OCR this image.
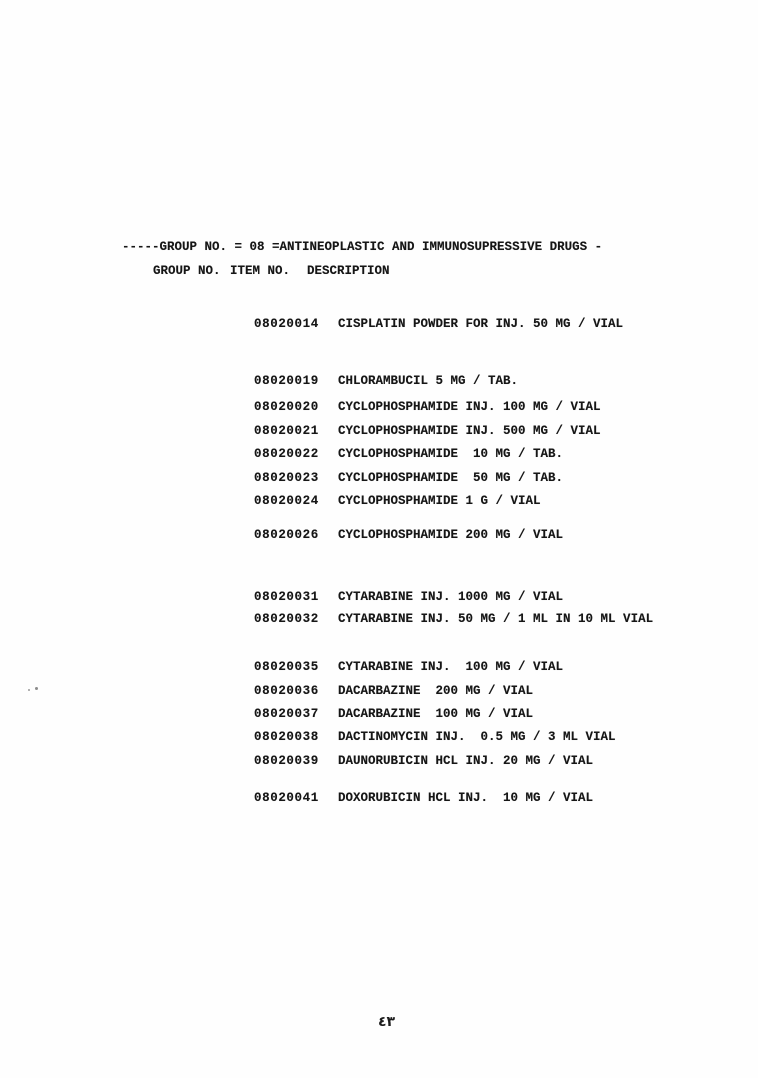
-----GROUP NO. = 08 =ANTINEOPLASTIC AND IMMUNOSUPRESSIVE DRUGS -

GROUP NO.

ITEM NO.

DESCRIPTION

08020014 CISPLATIN POWDER FOR INJ. 50 MG / VIAL

08020019 CHLORAMBUCIL 5 MG / TAB.

08020020 CYCLOPHOSPHAMIDE INJ. 100 MG / VIAL

08020021 CYCLOPHOSPHAMIDE INJ. 500 MG / VIAL

08020022 CYCLOPHOSPHAMIDE  10 MG / TAB.

08020023 CYCLOPHOSPHAMIDE  50 MG / TAB.

08020024 CYCLOPHOSPHAMIDE 1 G / VIAL

08020026 CYCLOPHOSPHAMIDE 200 MG / VIAL

08020031 CYTARABINE INJ. 1000 MG / VIAL

08020032 CYTARABINE INJ. 50 MG / 1 ML IN 10 ML VIAL

08020035 CYTARABINE INJ.  100 MG / VIAL

08020036 DACARBAZINE  200 MG / VIAL

08020037 DACARBAZINE  100 MG / VIAL

08020038 DACTINOMYCIN INJ.  0.5 MG / 3 ML VIAL

08020039 DAUNORUBICIN HCL INJ. 20 MG / VIAL

08020041 DOXORUBICIN HCL INJ.  10 MG / VIAL

٤٣
